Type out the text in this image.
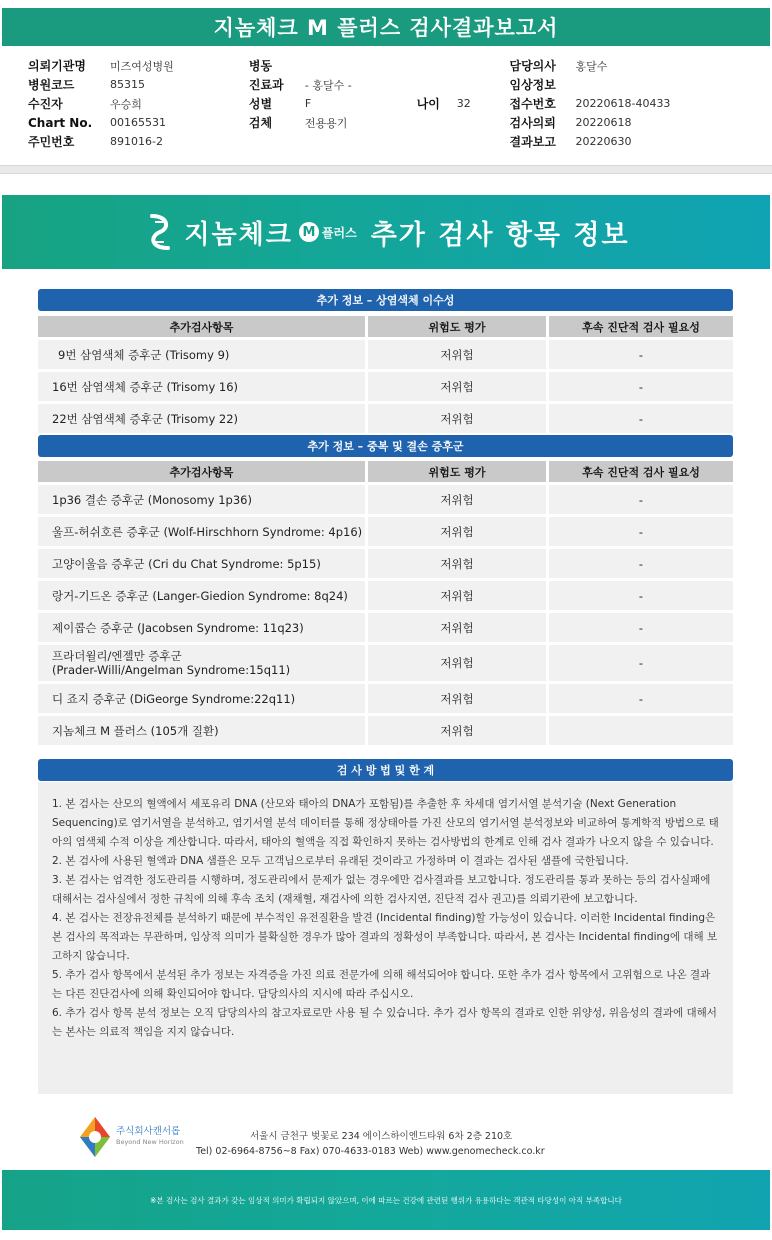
지놈체크 M 플러스 검사결과보고서
의뢰기관명	미즈여성병원	병동	담당의사	홍달수
병원코드	85315	진료과	- 홍달수 -	임상정보
수진자	우승희	성별	F	나이	32	접수번호	20220618-40433
Chart No.	00165531	검체	전용용기	검사의뢰	20220618
주민번호	891016-2	결과보고	20220630
지놈체크 M 플러스 추가 검사 항목 정보
추가 정보 – 상염색체 이수성
추가검사항목	위험도 평가	후속 진단적 검사 필요성
9번 삼염색체 증후군 (Trisomy 9)	저위험	-
16번 삼염색체 증후군 (Trisomy 16)	저위험	-
22번 삼염색체 증후군 (Trisomy 22)	저위험	-
추가 정보 – 중복 및 결손 증후군
추가검사항목	위험도 평가	후속 진단적 검사 필요성
1p36 결손 증후군 (Monosomy 1p36)	저위험	-
울프-허쉬호른 증후군 (Wolf-Hirschhorn Syndrome: 4p16)	저위험	-
고양이울음 증후군 (Cri du Chat Syndrome: 5p15)	저위험	-
랑거-기드온 증후군 (Langer-Giedion Syndrome: 8q24)	저위험	-
제이콥슨 증후군 (Jacobsen Syndrome: 11q23)	저위험	-
프라더윌리/엔젤만 증후군
(Prader-Willi/Angelman Syndrome:15q11)	저위험	-
디 죠지 증후군 (DiGeorge Syndrome:22q11)	저위험	-
지놈체크 M 플러스 (105개 질환)	저위험	
검 사 방 법 및 한 계

1. 본 검사는 산모의 혈액에서 세포유리 DNA (산모와 태아의 DNA가 포함됨)를 추출한 후 차세대 염기서열 분석기술 (Next Generation Sequencing)로 염기서열을 분석하고, 염기서열 분석 데이터를 통해 정상태아를 가진 산모의 염기서열 분석정보와 비교하여 통계학적 방법으로 태아의 염색체 수적 이상을 계산합니다. 따라서, 태아의 혈액을 직접 확인하지 못하는 검사방법의 한계로 인해 검사 결과가 나오지 않을 수 있습니다.

2. 본 검사에 사용된 혈액과 DNA 샘플은 모두 고객님으로부터 유래된 것이라고 가정하며 이 결과는 검사된 샘플에 국한됩니다.

3. 본 검사는 엄격한 정도관리를 시행하며, 정도관리에서 문제가 없는 경우에만 검사결과를 보고합니다. 정도관리를 통과 못하는 등의 검사실패에 대해서는 검사실에서 정한 규칙에 의해 후속 조치 (재채혈, 재검사에 의한 검사지연, 진단적 검사 권고)를 의뢰기관에 보고합니다.

4. 본 검사는 전장유전체를 분석하기 때문에 부수적인 유전질환을 발견 (Incidental finding)할 가능성이 있습니다. 이러한 Incidental finding은 본 검사의 목적과는 무관하며, 임상적 의미가 불확실한 경우가 많아 결과의 정확성이 부족합니다. 따라서, 본 검사는 Incidental finding에 대해 보고하지 않습니다.

5. 추가 검사 항목에서 분석된 추가 정보는 자격증을 가진 의료 전문가에 의해 해석되어야 합니다. 또한 추가 검사 항목에서 고위험으로 나온 결과는 다른 진단검사에 의해 확인되어야 합니다. 담당의사의 지시에 따라 주십시오.

6. 추가 검사 항목 분석 정보는 오직 담당의사의 참고자료로만 사용 될 수 있습니다. 추가 검사 항목의 결과로 인한 위양성, 위음성의 결과에 대해서는 본사는 의료적 책임을 지지 않습니다.

주식회사캔서롭
Beyond New Horizon	서울시 금천구 벚꽃로 234 에이스하이엔드타워 6차 2층 210호
Tel) 02-6964-8756~8 Fax) 070-4633-0183 Web) www.genomecheck.co.kr
※본 검사는 검사 결과가 갖는 임상적 의미가 확립되지 않았으며, 이에 따르는 건강에 관련된 행위가 유용하다는 객관적 타당성이 아직 부족합니다
